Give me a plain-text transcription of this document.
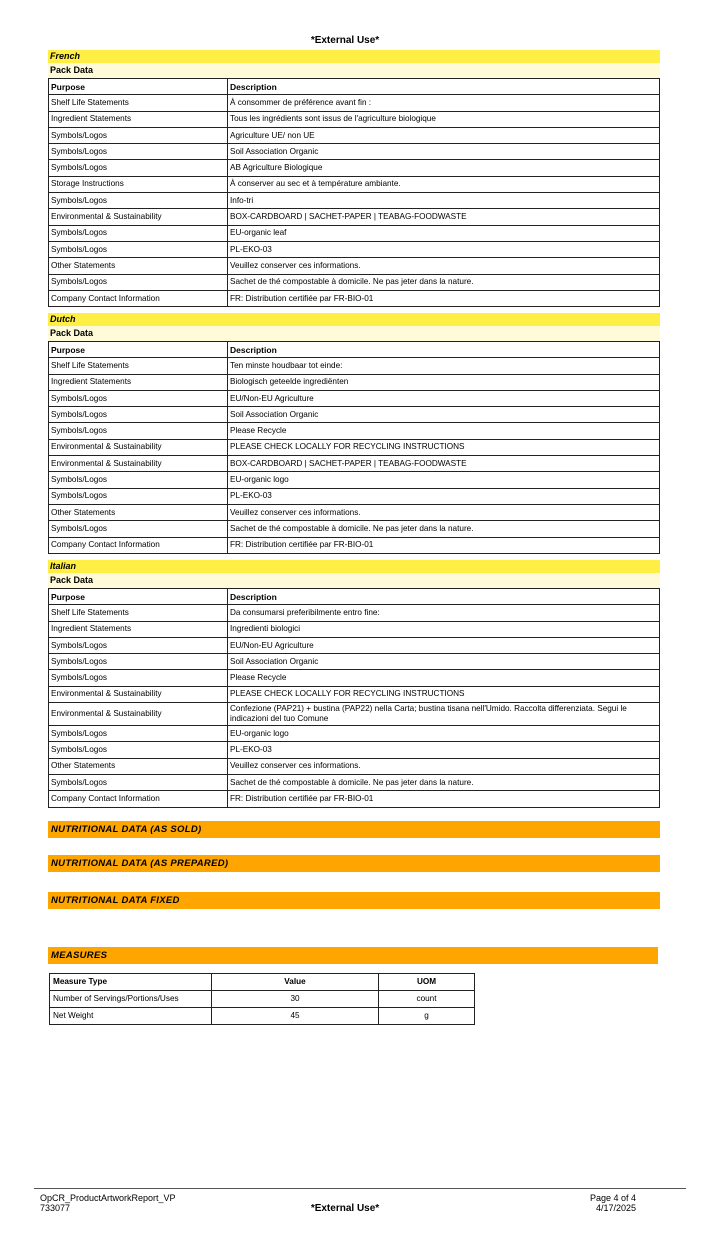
*External Use*
French
Pack Data
Purpose	Description
Shelf Life Statements	À consommer de préférence avant fin :
Ingredient Statements	Tous les ingrédients sont issus de l'agriculture biologique
Symbols/Logos	Agriculture UE/ non UE
Symbols/Logos	Soil Association Organic
Symbols/Logos	AB Agriculture Biologique
Storage Instructions	À conserver au sec et à température ambiante.
Symbols/Logos	Info-tri
Environmental & Sustainability	BOX-CARDBOARD | SACHET-PAPER | TEABAG-FOODWASTE
Symbols/Logos	EU-organic leaf
Symbols/Logos	PL-EKO-03
Other Statements	Veuillez conserver ces informations.
Symbols/Logos	Sachet de thé compostable à domicile. Ne pas jeter dans la nature.
Company Contact Information	FR: Distribution certifiée par FR-BIO-01
Dutch
Pack Data
Purpose	Description
Shelf Life Statements	Ten minste houdbaar tot einde:
Ingredient Statements	Biologisch geteelde ingrediënten
Symbols/Logos	EU/Non-EU Agriculture
Symbols/Logos	Soil Association Organic
Symbols/Logos	Please Recycle
Environmental & Sustainability	PLEASE CHECK LOCALLY FOR RECYCLING INSTRUCTIONS
Environmental & Sustainability	BOX-CARDBOARD | SACHET-PAPER | TEABAG-FOODWASTE
Symbols/Logos	EU-organic logo
Symbols/Logos	PL-EKO-03
Other Statements	Veuillez conserver ces informations.
Symbols/Logos	Sachet de thé compostable à domicile. Ne pas jeter dans la nature.
Company Contact Information	FR: Distribution certifiée par FR-BIO-01
Italian
Pack Data
Purpose	Description
Shelf Life Statements	Da consumarsi preferibilmente entro fine:
Ingredient Statements	Ingredienti biologici
Symbols/Logos	EU/Non-EU Agriculture
Symbols/Logos	Soil Association Organic
Symbols/Logos	Please Recycle
Environmental & Sustainability	PLEASE CHECK LOCALLY FOR RECYCLING INSTRUCTIONS
Environmental & Sustainability	Confezione (PAP21) + bustina (PAP22) nella Carta; bustina tisana nell'Umido. Raccolta differenziata. Segui le indicazioni del tuo Comune
Symbols/Logos	EU-organic logo
Symbols/Logos	PL-EKO-03
Other Statements	Veuillez conserver ces informations.
Symbols/Logos	Sachet de thé compostable à domicile. Ne pas jeter dans la nature.
Company Contact Information	FR: Distribution certifiée par FR-BIO-01
NUTRITIONAL DATA (AS SOLD)
NUTRITIONAL DATA (AS PREPARED)
NUTRITIONAL DATA FIXED
MEASURES
Measure Type	Value	UOM
Number of Servings/Portions/Uses	30	count
Net Weight	45	g
OpCR_ProductArtworkReport_VP
733077	*External Use*
Page 4 of 4
4/17/2025
